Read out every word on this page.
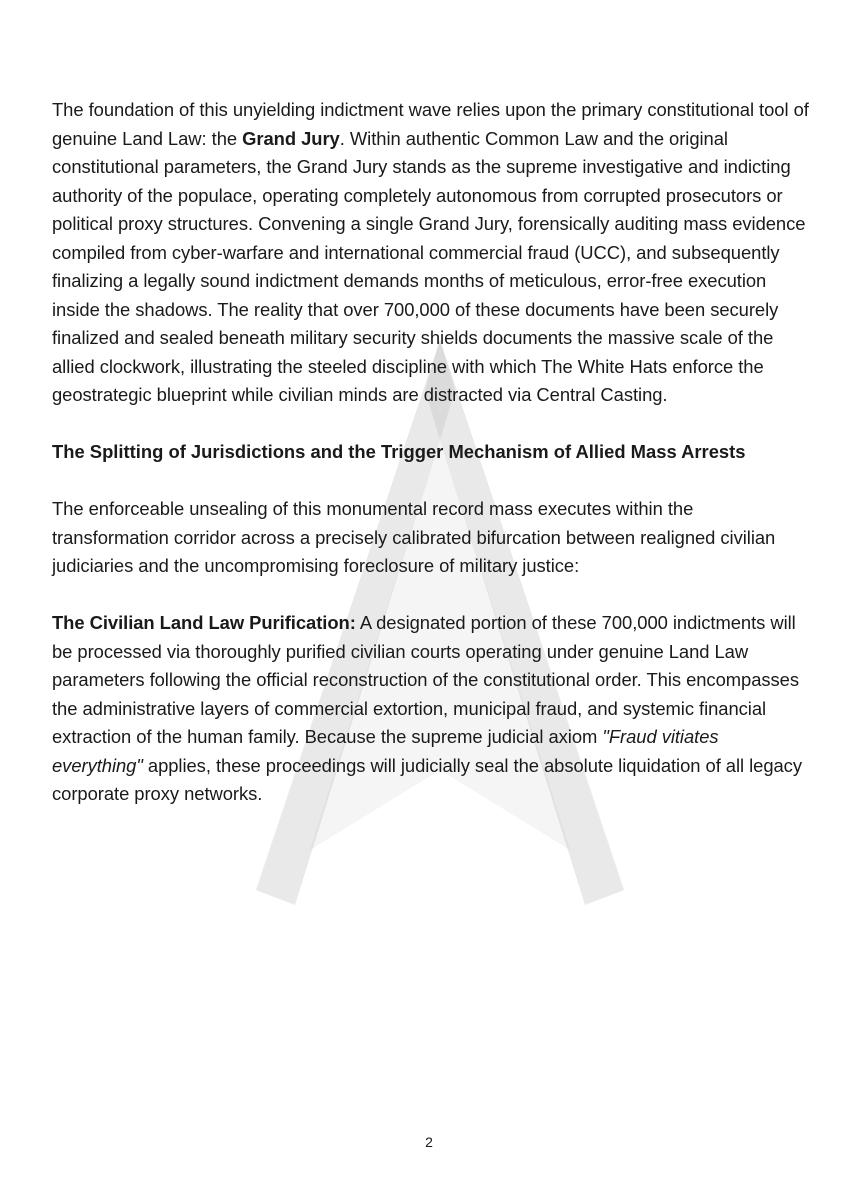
The foundation of this unyielding indictment wave relies upon the primary constitutional tool of genuine Land Law: the Grand Jury. Within authentic Common Law and the original constitutional parameters, the Grand Jury stands as the supreme investigative and indicting authority of the populace, operating completely autonomous from corrupted prosecutors or political proxy structures. Convening a single Grand Jury, forensically auditing mass evidence compiled from cyber-warfare and international commercial fraud (UCC), and subsequently finalizing a legally sound indictment demands months of meticulous, error-free execution inside the shadows. The reality that over 700,000 of these documents have been securely finalized and sealed beneath military security shields documents the massive scale of the allied clockwork, illustrating the steeled discipline with which The White Hats enforce the geostrategic blueprint while civilian minds are distracted via Central Casting.

The Splitting of Jurisdictions and the Trigger Mechanism of Allied Mass Arrests

The enforceable unsealing of this monumental record mass executes within the transformation corridor across a precisely calibrated bifurcation between realigned civilian judiciaries and the uncompromising foreclosure of military justice:

The Civilian Land Law Purification: A designated portion of these 700,000 indictments will be processed via thoroughly purified civilian courts operating under genuine Land Law parameters following the official reconstruction of the constitutional order. This encompasses the administrative layers of commercial extortion, municipal fraud, and systemic financial extraction of the human family. Because the supreme judicial axiom "Fraud vitiates everything" applies, these proceedings will judicially seal the absolute liquidation of all legacy corporate proxy networks.

2
